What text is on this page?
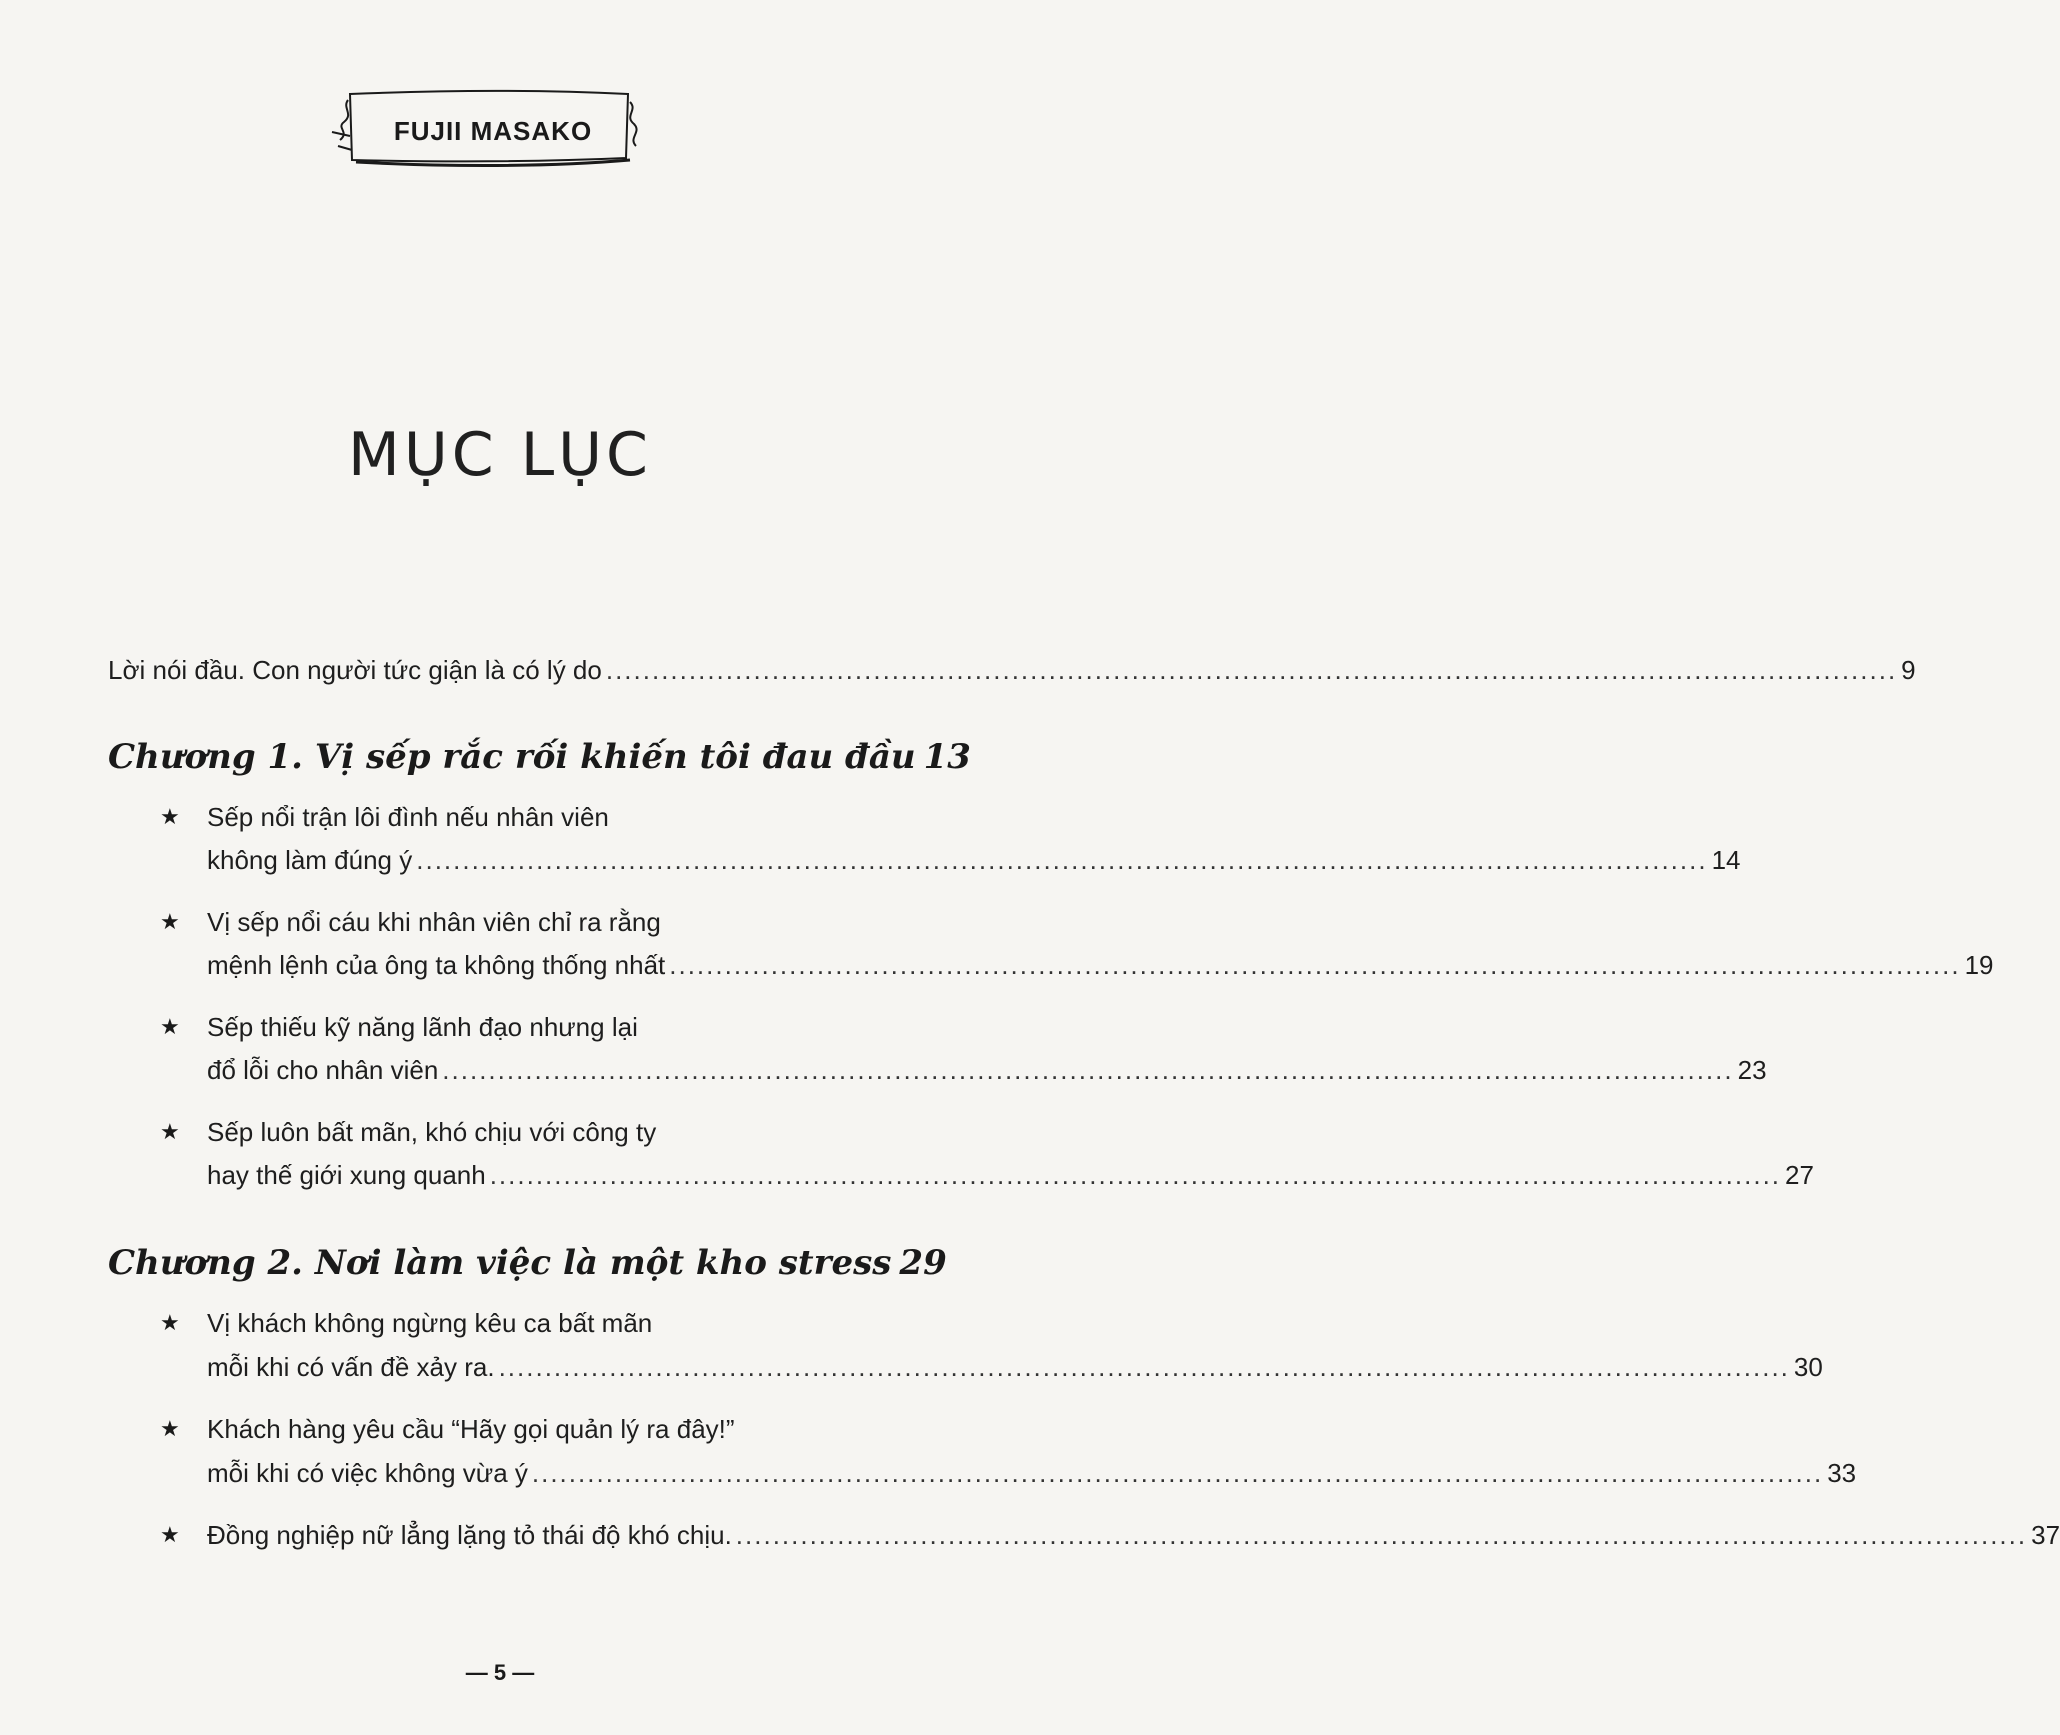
FUJII MASAKO
MỤC LỤC
Lời nói đầu. Con người tức giận là có lý do ............................................................................................................................................ 9
Chương 1. Vị sếp rắc rối khiến tôi đau đầu 13
★ Sếp nổi trận lôi đình nếu nhân viên
không làm đúng ý ............................................................................................................................................ 14
★ Vị sếp nổi cáu khi nhân viên chỉ ra rằng
mệnh lệnh của ông ta không thống nhất ............................................................................................................................................ 19
★ Sếp thiếu kỹ năng lãnh đạo nhưng lại
đổ lỗi cho nhân viên ............................................................................................................................................ 23
★ Sếp luôn bất mãn, khó chịu với công ty
hay thế giới xung quanh ............................................................................................................................................ 27
Chương 2. Nơi làm việc là một kho stress 29
★ Vị khách không ngừng kêu ca bất mãn
mỗi khi có vấn đề xảy ra. ............................................................................................................................................ 30
★ Khách hàng yêu cầu “Hãy gọi quản lý ra đây!”
mỗi khi có việc không vừa ý ............................................................................................................................................ 33
★ Đồng nghiệp nữ lẳng lặng tỏ thái độ khó chịu. ............................................................................................................................................ 37
— 5 —
